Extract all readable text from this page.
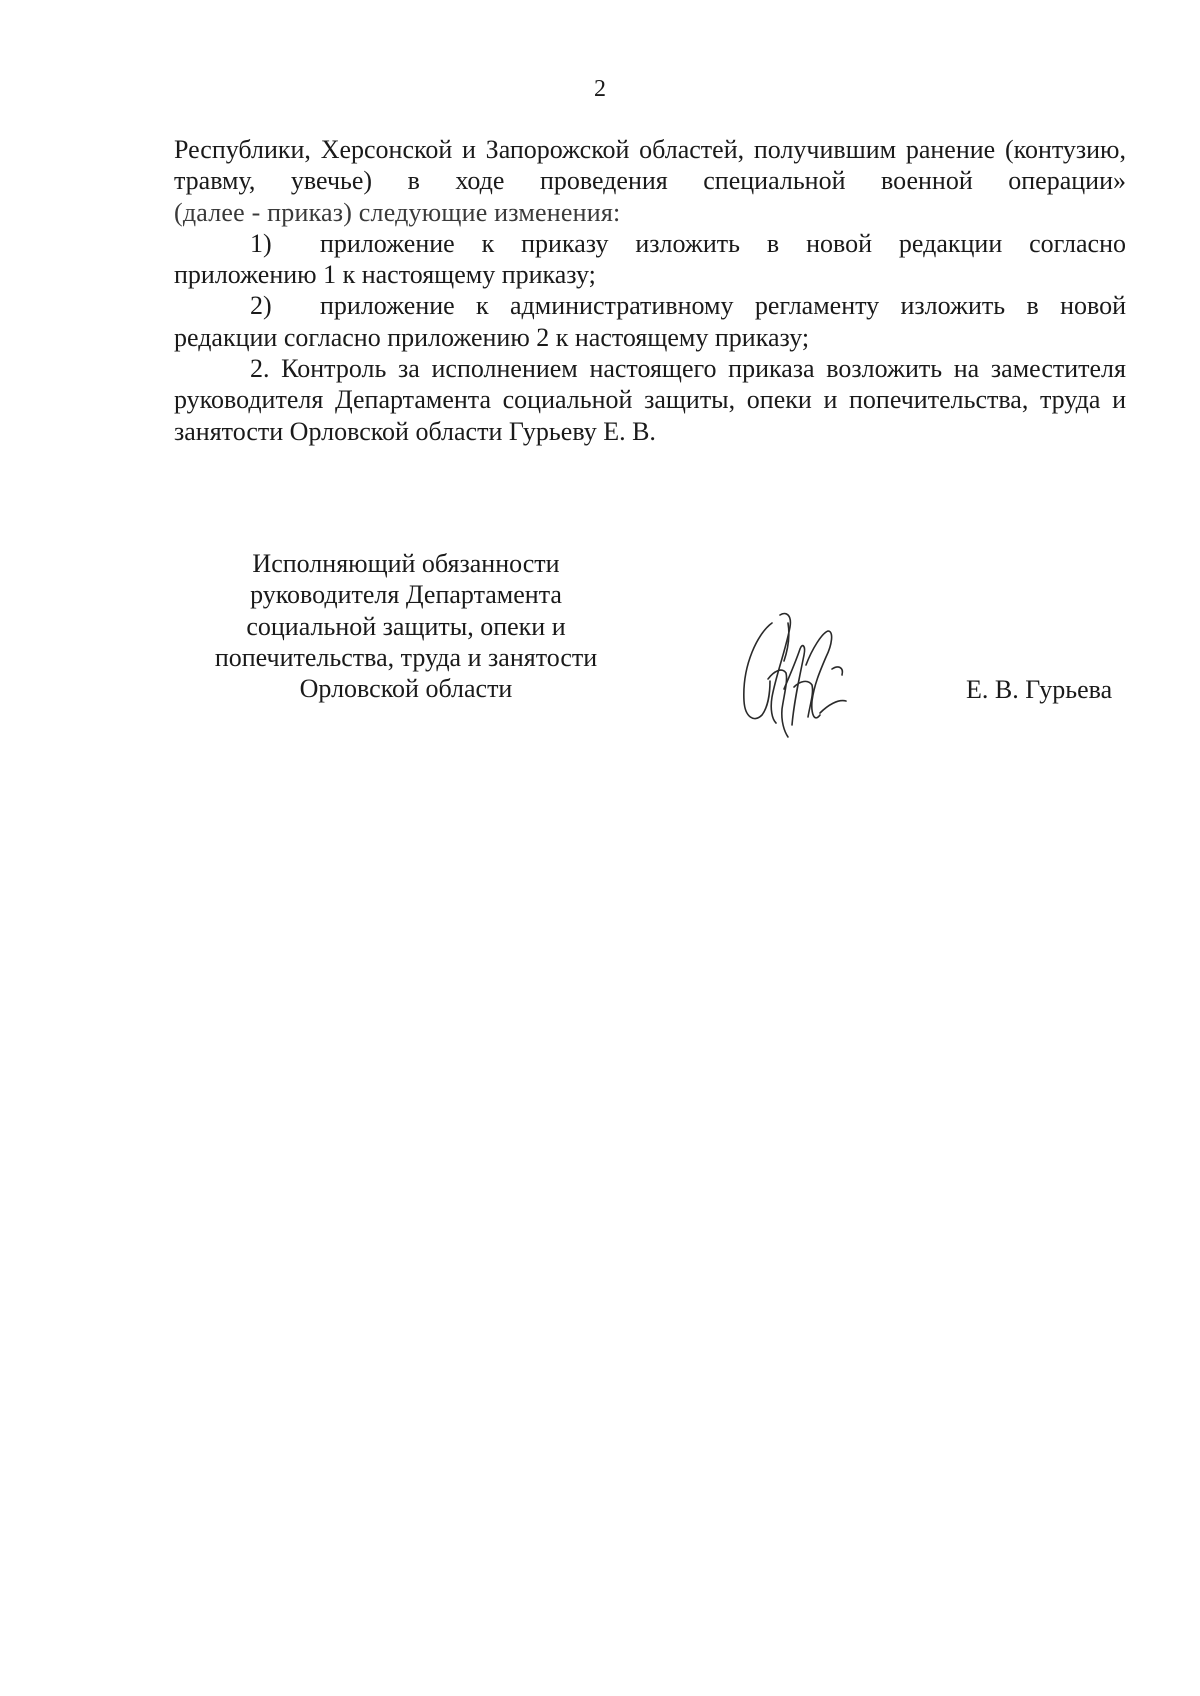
2

Республики, Херсонской и Запорожской областей, получившим ранение (контузию, травму, увечье) в ходе проведения специальной военной операции»

(далее - приказ) следующие изменения:

1) приложение к приказу изложить в новой редакции согласно приложению 1 к настоящему приказу;

2) приложение к административному регламенту изложить в новой редакции согласно приложению 2 к настоящему приказу;

2. Контроль за исполнением настоящего приказа возложить на заместителя руководителя Департамента социальной защиты, опеки и попечительства, труда и занятости Орловской области Гурьеву Е. В.

Исполняющий обязанности
руководителя Департамента
социальной защиты, опеки и
попечительства, труда и занятости
Орловской области	Е. В. Гурьева
